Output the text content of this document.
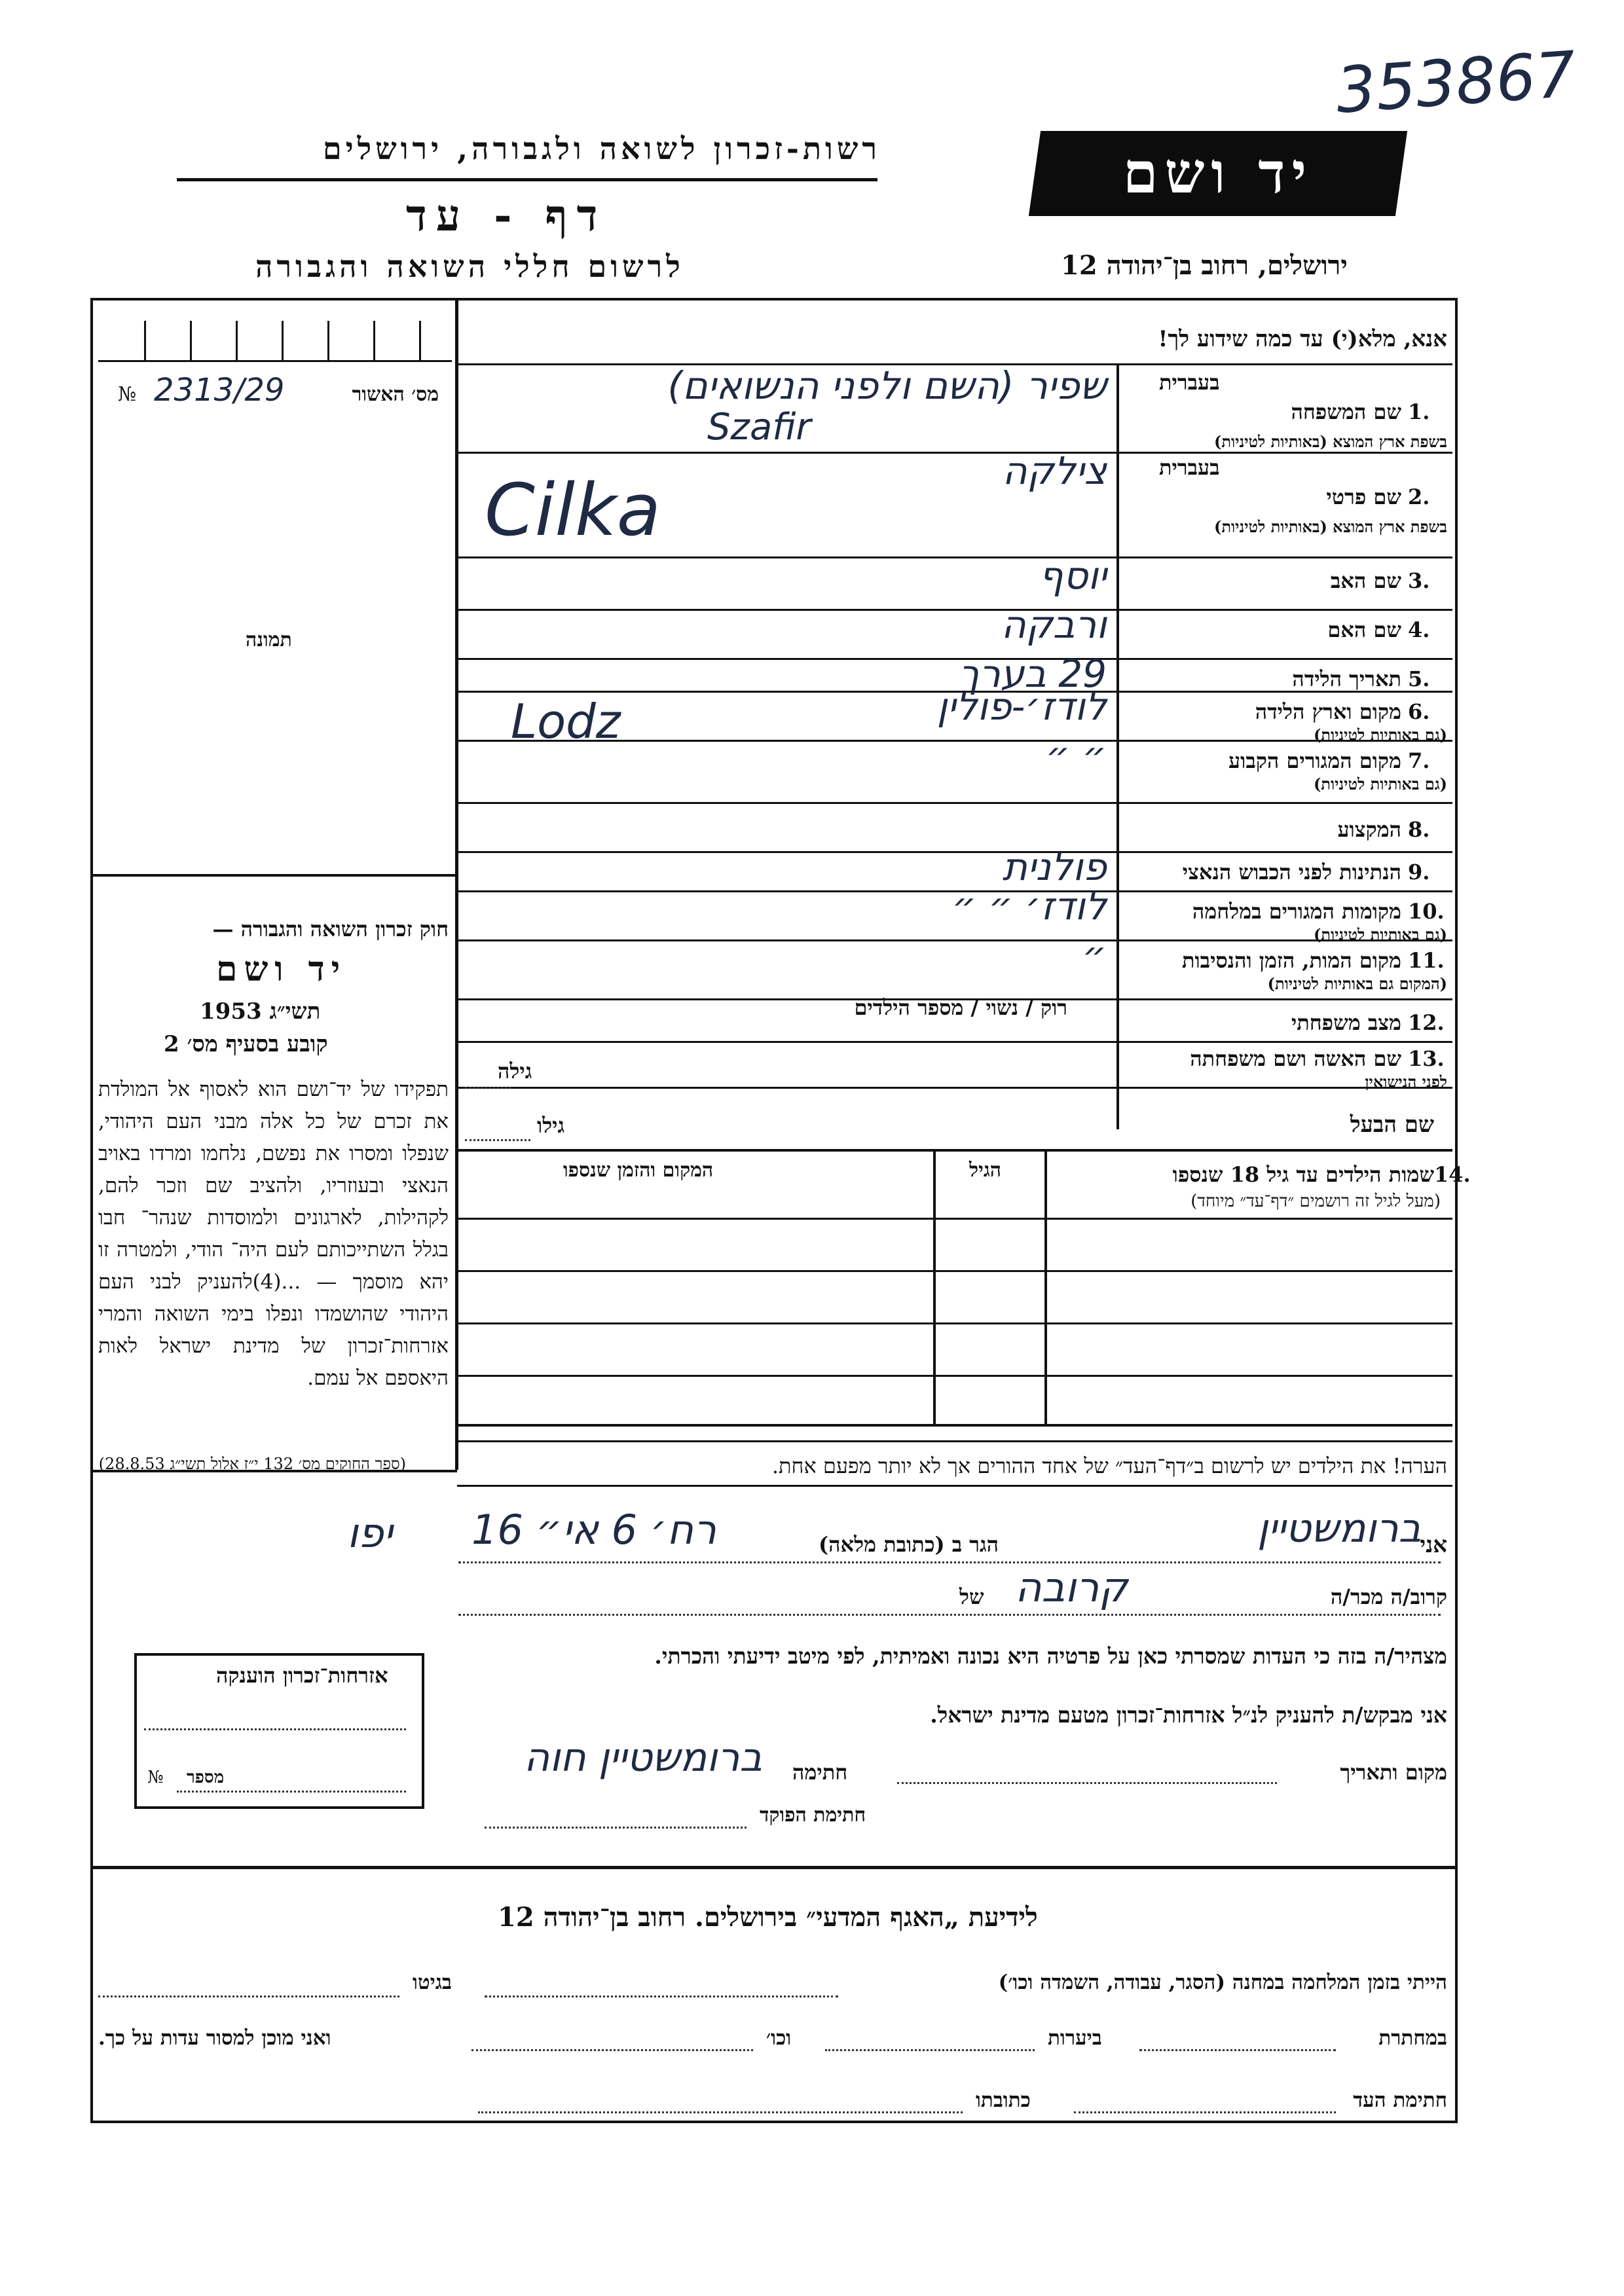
353867
רשות-זכרון לשואה ולגבורה, ירושלים
דף - עד
לרשום חללי השואה והגבורה
יד ושם
ירושלים, רחוב בן־יהודה 12
מס׳ האשור
№ 2313/29
תמונה
חוק זכרון השואה והגבורה —
יד ושם
תשי״ג 1953
קובע בסעיף מס׳ 2
תפקידו של יד־ושם הוא לאסוף אל המולדת את זכרם של כל אלה מבני העם היהודי, שנפלו ומסרו את נפשם, נלחמו ומרדו באויב הנאצי ובעוזריו, ולהציב שם וזכר להם, לקהילות, לארגונים ולמוסדות שנהר־ חבו בגלל השתייכותם לעם היה־ הודי, ולמטרה זו יהא מוסמך — ...(4)להעניק לבני העם היהודי שהושמדו ונפלו בימי השואה והמרי אזרחות־זכרון של מדינת ישראל לאות היאספם אל עמם.
(ספר החוקים מס׳ 132 י״ז אלול תשי״ג 28.8.53)
אנא, מלא(י) עד כמה שידוע לך!
1.
שם המשפחה
בעברית
בשפת ארץ המוצא (באותיות לטיניות)
שפיר (השם ולפני הנשואים)
Szafir
2.
שם פרטי
בעברית
בשפת ארץ המוצא (באותיות לטיניות)
צילקה
Cilka
3.
שם האב
יוסף
4.
שם האם
ורבקה
5.
תאריך הלידה
29 בערך
6.
מקום וארץ הלידה
(גם באותיות לטיניות)
לודז׳-פולין
Lodz
7.
מקום המגורים הקבוע
(גם באותיות לטיניות)
״ ״
8.
המקצוע
9.
הנתינות לפני הכבוש הנאצי
פולנית
10.
מקומות המגורים במלחמה
(גם באותיות לטיניות)
לודז׳ ״ ״
11.
מקום המות, הזמן והנסיבות
(המקום גם באותיות לטיניות)
״
12.
מצב משפחתי
רוק / נשוי / מספר הילדים
13.
שם האשה ושם משפחתה
לפני הנישואין
שם הבעל
גילה
גילו
שמות הילדים עד גיל 18 שנספו 14.
(מעל לגיל זה רושמים ״דף־עד״ מיוחד)
הגיל
המקום והזמן שנספו
הערה! את הילדים יש לרשום ב״דף־העד״ של אחד ההורים אך לא יותר מפעם אחת.
אני
ברומשטיין
הגר ב (כתובת מלאה)
רח׳ 6 אי״ 16
יפו
קרוב/ה מכר/ה
קרובה
של
מצהיר/ה בזה כי העדות שמסרתי כאן על פרטיה היא נכונה ואמיתית, לפי מיטב ידיעתי והכרתי.
אני מבקש/ת להעניק לנ״ל אזרחות־זכרון מטעם מדינת ישראל.
מקום ותאריך
חתימה
ברומשטיין חוה
חתימת הפוקד
אזרחות־זכרון הוענקה
№ מספר
לידיעת „האגף המדעי״ בירושלים. רחוב בן־יהודה 12
הייתי בזמן המלחמה במחנה (הסגר, עבודה, השמדה וכו׳)
בגיטו
במחתרת
ביערות
וכו׳
ואני מוכן למסור עדות על כך.
חתימת העד
כתובתו
